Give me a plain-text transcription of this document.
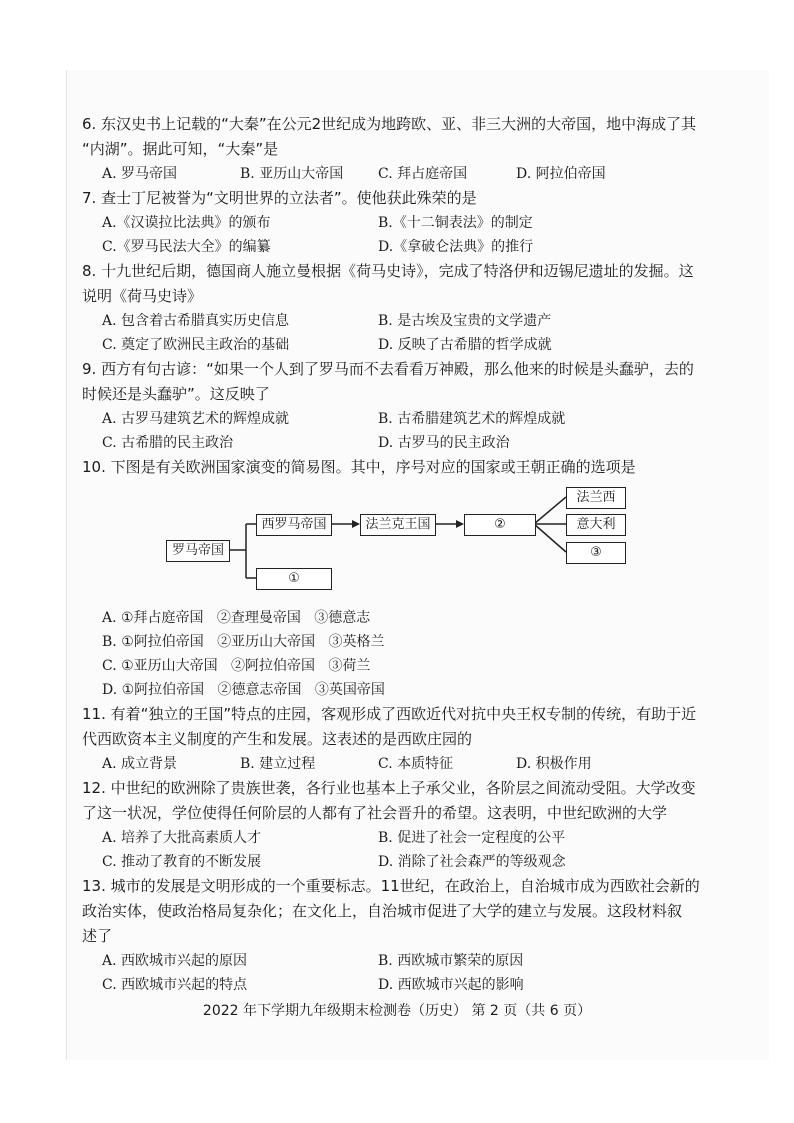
6. 东汉史书上记载的“大秦”在公元2世纪成为地跨欧、亚、非三大洲的大帝国，地中海成了其

“内湖”。据此可知，“大秦”是

A. 罗马帝国	B. 亚历山大帝国	C. 拜占庭帝国	D. 阿拉伯帝国

7. 查士丁尼被誉为“文明世界的立法者”。使他获此殊荣的是

A.《汉谟拉比法典》的颁布	B.《十二铜表法》的制定
C.《罗马民法大全》的编纂	D.《拿破仑法典》的推行

8. 十九世纪后期，德国商人施立曼根据《荷马史诗》，完成了特洛伊和迈锡尼遗址的发掘。这

说明《荷马史诗》

A. 包含着古希腊真实历史信息	B. 是古埃及宝贵的文学遗产
C. 奠定了欧洲民主政治的基础	D. 反映了古希腊的哲学成就

9. 西方有句古谚：“如果一个人到了罗马而不去看看万神殿，那么他来的时候是头蠢驴，去的

时候还是头蠢驴”。这反映了

A. 古罗马建筑艺术的辉煌成就	B. 古希腊建筑艺术的辉煌成就
C. 古希腊的民主政治	D. 古罗马的民主政治

10. 下图是有关欧洲国家演变的简易图。其中，序号对应的国家或王朝正确的选项是

罗马帝国
西罗马帝国
①
法兰克王国	②
法兰西
意大利
③
A. ①拜占庭帝国   ②查理曼帝国   ③德意志
B. ①阿拉伯帝国   ②亚历山大帝国   ③英格兰
C. ①亚历山大帝国   ②阿拉伯帝国   ③荷兰
D. ①阿拉伯帝国   ②德意志帝国   ③英国帝国

11. 有着“独立的王国”特点的庄园，客观形成了西欧近代对抗中央王权专制的传统，有助于近

代西欧资本主义制度的产生和发展。这表述的是西欧庄园的

A. 成立背景	B. 建立过程	C. 本质特征	D. 积极作用

12. 中世纪的欧洲除了贵族世袭，各行业也基本上子承父业，各阶层之间流动受阻。大学改变

了这一状况，学位使得任何阶层的人都有了社会晋升的希望。这表明，中世纪欧洲的大学

A. 培养了大批高素质人才	B. 促进了社会一定程度的公平
C. 推动了教育的不断发展	D. 消除了社会森严的等级观念

13. 城市的发展是文明形成的一个重要标志。11世纪，在政治上，自治城市成为西欧社会新的

政治实体，使政治格局复杂化；在文化上，自治城市促进了大学的建立与发展。这段材料叙

述了

A. 西欧城市兴起的原因	B. 西欧城市繁荣的原因
C. 西欧城市兴起的特点	D. 西欧城市兴起的影响
2022 年下学期九年级期末检测卷（历史） 第 2 页（共 6 页）
